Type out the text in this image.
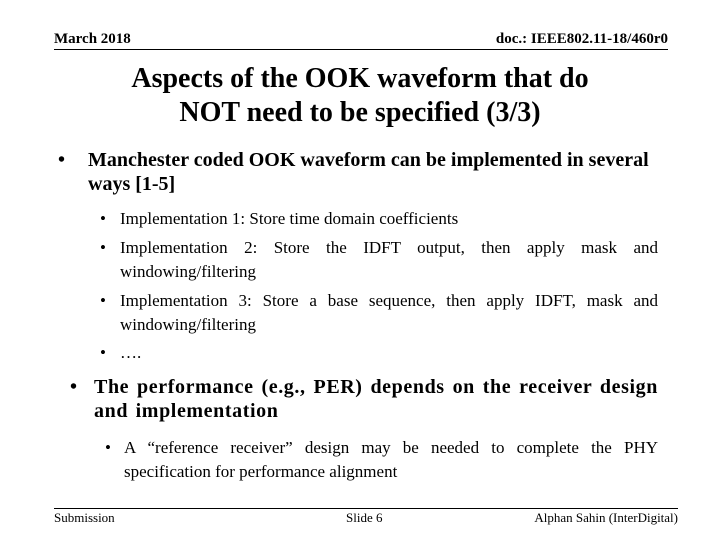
March 2018	doc.: IEEE802.11-18/460r0
Aspects of the OOK waveform that do
NOT need to be specified (3/3)
• Manchester coded OOK waveform can be implemented in several ways [1-5]
• Implementation 1: Store time domain coefficients
• Implementation 2: Store the IDFT output, then apply mask and windowing/filtering
• Implementation 3: Store a base sequence, then apply IDFT, mask and windowing/filtering
• ….
• The performance (e.g., PER) depends on the receiver design and implementation
• A “reference receiver” design may be needed to complete the PHY specification for performance alignment
Submission	Slide 6	Alphan Sahin (InterDigital)
